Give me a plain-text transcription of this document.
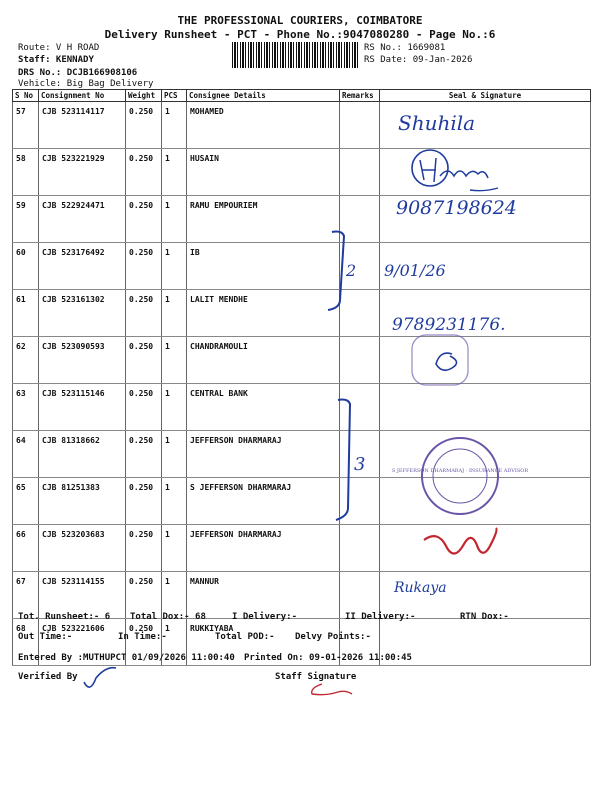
THE PROFESSIONAL COURIERS, COIMBATORE
Delivery Runsheet - PCT - Phone No.:9047080280 - Page No.:6
Route: V H ROAD
Staff: KENNADY
DRS No.: DCJB166908106
Vehicle: Big Bag Delivery
RS No.: 1669081
RS Date: 09-Jan-2026
S No	Consignment No	Weight	PCS	Consignee Details	Remarks	Seal & Signature
57	CJB 523114117	0.250	1	MOHAMED		
58	CJB 523221929	0.250	1	HUSAIN		
59	CJB 522924471	0.250	1	RAMU EMPOURIEM		
60	CJB 523176492	0.250	1	IB		
61	CJB 523161302	0.250	1	LALIT MENDHE		
62	CJB 523090593	0.250	1	CHANDRAMOULI		
63	CJB 523115146	0.250	1	CENTRAL BANK		
64	CJB 81318662	0.250	1	JEFFERSON DHARMARAJ		
65	CJB 81251383	0.250	1	S JEFFERSON DHARMARAJ		
66	CJB 523203683	0.250	1	JEFFERSON DHARMARAJ		
67	CJB 523114155	0.250	1	MANNUR		
68	CJB 523221606	0.250	1	RUKKIYABA		
Shuhila
9087198624
2 9/01/26
9789231176.
3	S JEFFERSON DHARMARAJ · INSURANCE ADVISOR
Rukaya
Tot. Runsheet:- 6 Total Dox:- 68	I Delivery:-	II Delivery:-	RTN Dox:-
Out Time:-	In Time:-	Total POD:- Delvy Points:-
Entered By :MUTHUPCT 01/09/2026 11:00:40 Printed On: 09-01-2026 11:00:45
Verified By	Staff Signature
